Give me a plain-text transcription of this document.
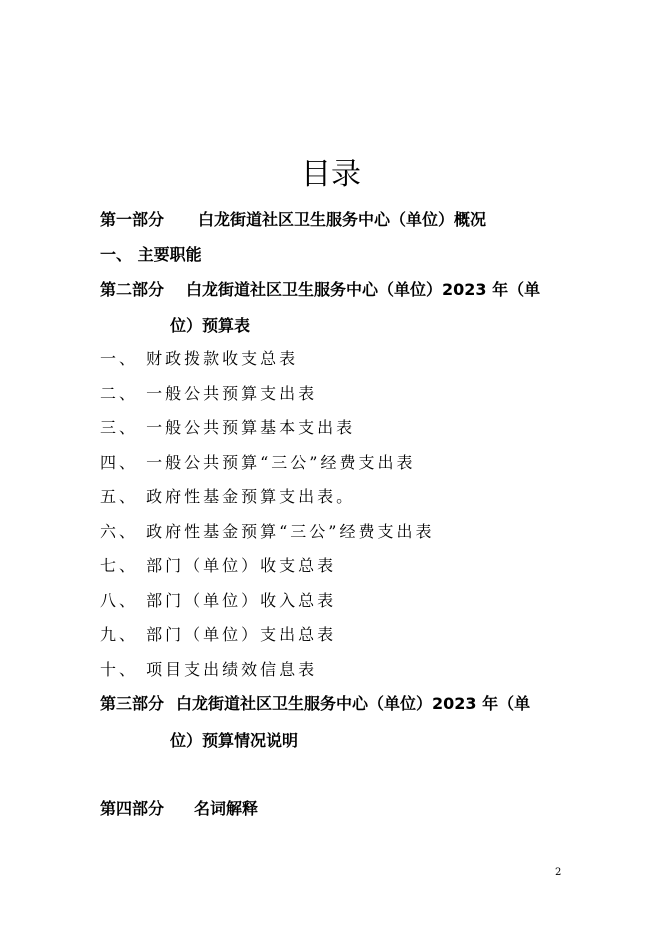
目录
第一部分 白龙街道社区卫生服务中心（单位）概况
一、 主要职能
第二部分 白龙街道社区卫生服务中心（单位）2023 年（单
位）预算表
一、 财政拨款收支总表
二、 一般公共预算支出表
三、 一般公共预算基本支出表
四、 一般公共预算“三公”经费支出表
五、 政府性基金预算支出表。
六、 政府性基金预算“三公”经费支出表
七、 部门（单位）收支总表
八、 部门（单位）收入总表
九、 部门（单位）支出总表
十、 项目支出绩效信息表
第三部分 白龙街道社区卫生服务中心（单位）2023 年（单
位）预算情况说明
第四部分 名词解释
2
